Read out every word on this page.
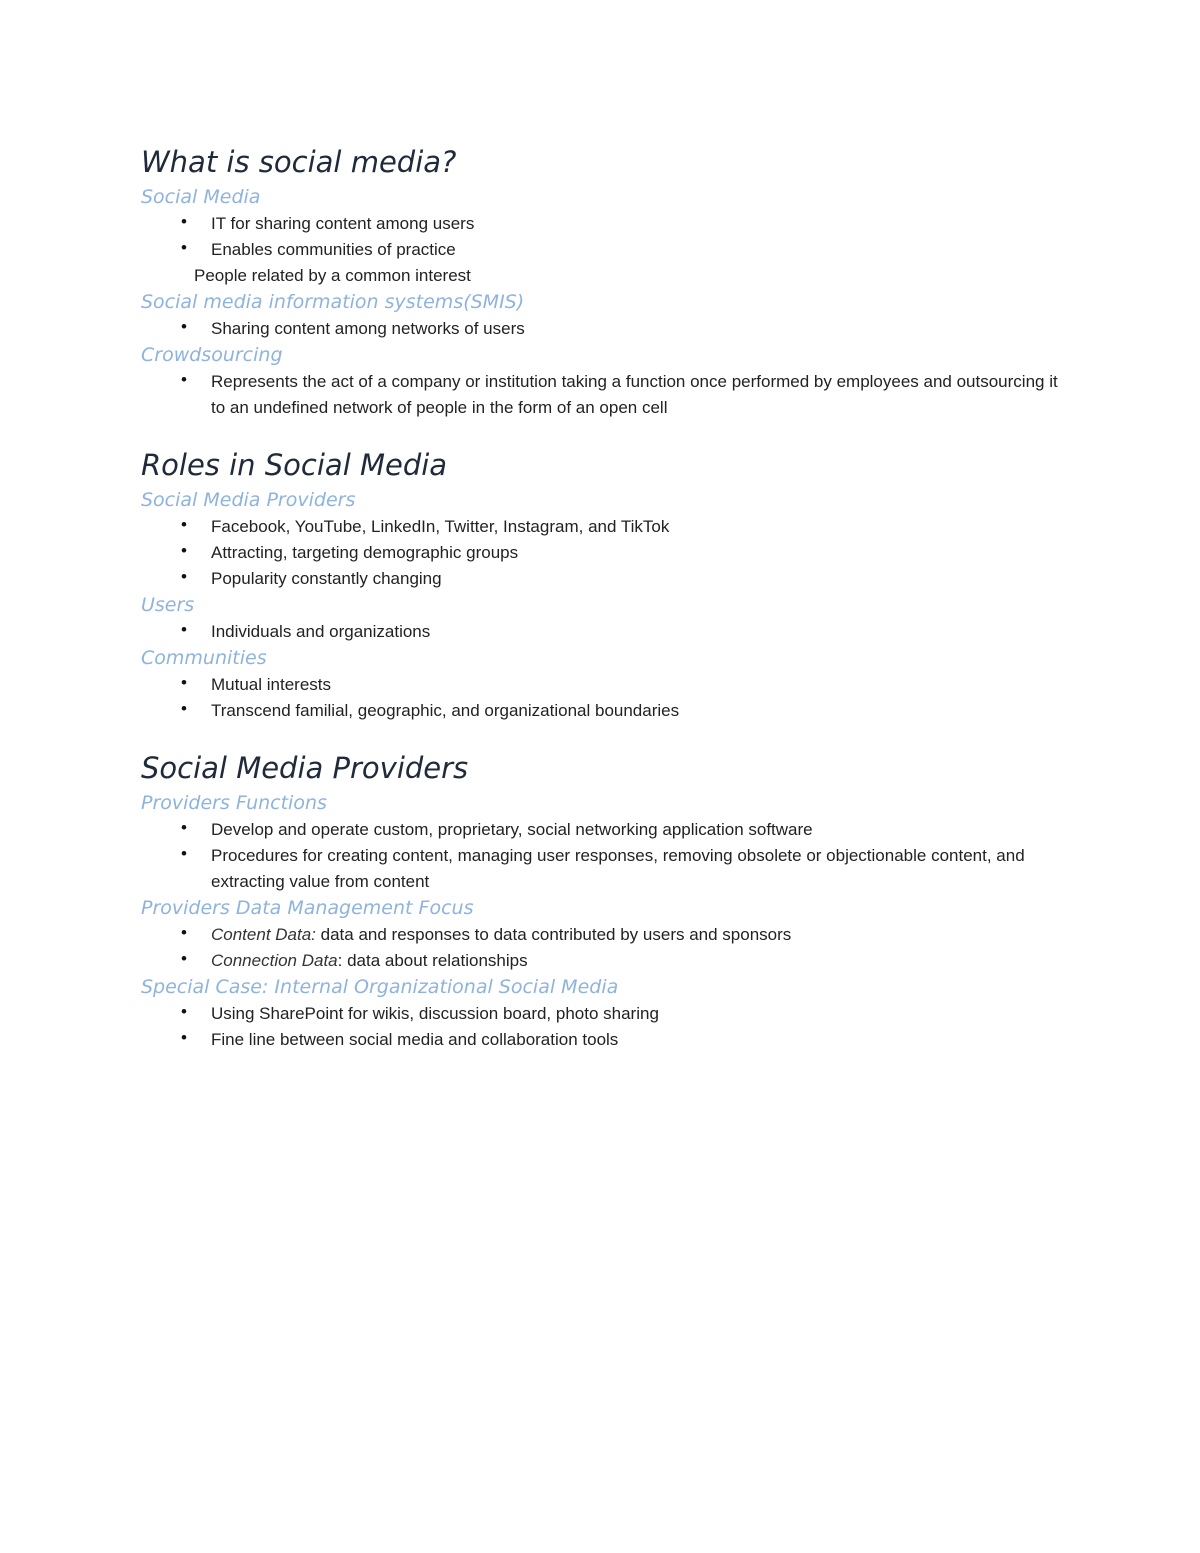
What is social media?
Social Media
•	IT for sharing content among users
•	Enables communities of practice
People related by a common interest
Social media information systems(SMIS)
•	Sharing content among networks of users
Crowdsourcing
•	Represents the act of a company or institution taking a function once performed by employees and outsourcing it to an undefined network of people in the form of an open cell
Roles in Social Media
Social Media Providers
•	Facebook, YouTube, LinkedIn, Twitter, Instagram, and TikTok
•	Attracting, targeting demographic groups
•	Popularity constantly changing
Users
•	Individuals and organizations
Communities
•	Mutual interests
•	Transcend familial, geographic, and organizational boundaries
Social Media Providers
Providers Functions
•	Develop and operate custom, proprietary, social networking application software
•	Procedures for creating content, managing user responses, removing obsolete or objectionable content, and extracting value from content
Providers Data Management Focus
•	Content Data: data and responses to data contributed by users and sponsors
•	Connection Data: data about relationships
Special Case: Internal Organizational Social Media
•	Using SharePoint for wikis, discussion board, photo sharing
•	Fine line between social media and collaboration tools
